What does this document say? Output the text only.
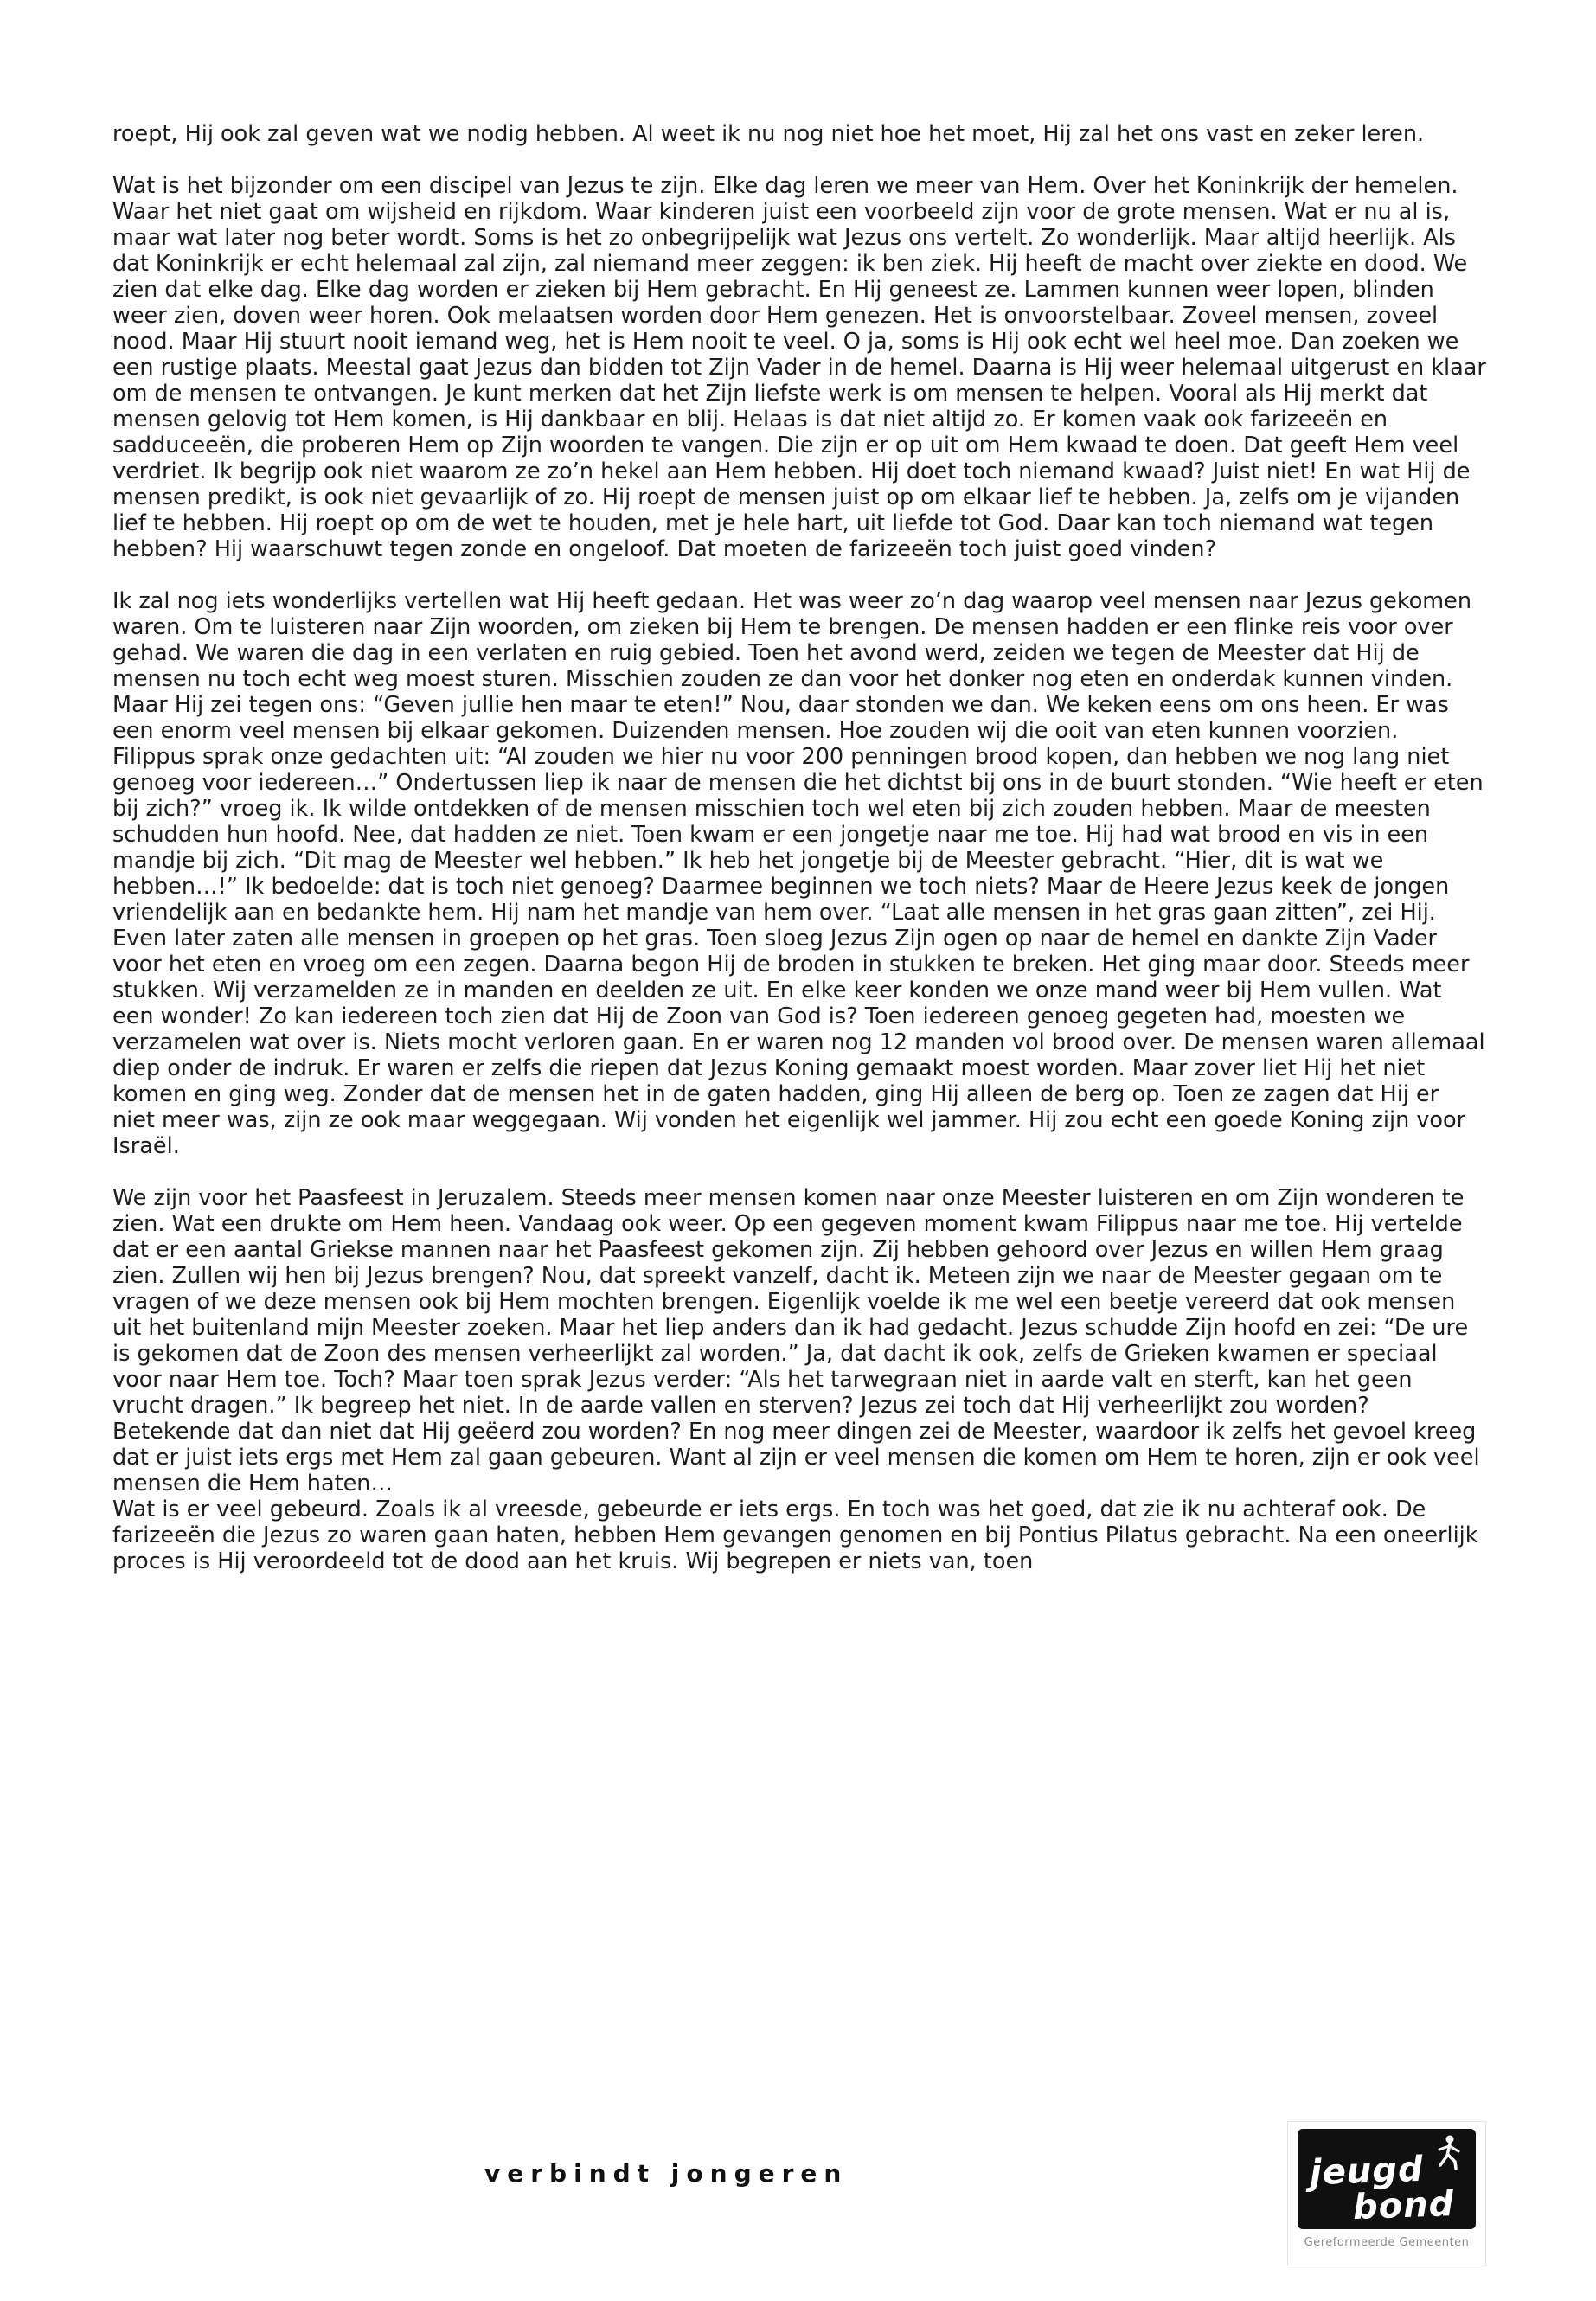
roept, Hij ook zal geven wat we nodig hebben. Al weet ik nu nog niet hoe het moet, Hij zal het ons vast en zeker leren.

Wat is het bijzonder om een discipel van Jezus te zijn. Elke dag leren we meer van Hem. Over het Koninkrijk der hemelen. Waar het niet gaat om wijsheid en rijkdom. Waar kinderen juist een voorbeeld zijn voor de grote mensen. Wat er nu al is, maar wat later nog beter wordt. Soms is het zo onbegrijpelijk wat Jezus ons vertelt. Zo wonderlijk. Maar altijd heerlijk. Als dat Koninkrijk er echt helemaal zal zijn, zal niemand meer zeggen: ik ben ziek. Hij heeft de macht over ziekte en dood. We zien dat elke dag. Elke dag worden er zieken bij Hem gebracht. En Hij geneest ze. Lammen kunnen weer lopen, blinden weer zien, doven weer horen. Ook melaatsen worden door Hem genezen. Het is onvoorstelbaar. Zoveel mensen, zoveel nood. Maar Hij stuurt nooit iemand weg, het is Hem nooit te veel. O ja, soms is Hij ook echt wel heel moe. Dan zoeken we een rustige plaats. Meestal gaat Jezus dan bidden tot Zijn Vader in de hemel. Daarna is Hij weer helemaal uitgerust en klaar om de mensen te ontvangen. Je kunt merken dat het Zijn liefste werk is om mensen te helpen. Vooral als Hij merkt dat mensen gelovig tot Hem komen, is Hij dankbaar en blij. Helaas is dat niet altijd zo. Er komen vaak ook farizeeën en sadduceeën, die proberen Hem op Zijn woorden te vangen. Die zijn er op uit om Hem kwaad te doen. Dat geeft Hem veel verdriet. Ik begrijp ook niet waarom ze zo’n hekel aan Hem hebben. Hij doet toch niemand kwaad? Juist niet! En wat Hij de mensen predikt, is ook niet gevaarlijk of zo. Hij roept de mensen juist op om elkaar lief te hebben. Ja, zelfs om je vijanden lief te hebben. Hij roept op om de wet te houden, met je hele hart, uit liefde tot God. Daar kan toch niemand wat tegen hebben? Hij waarschuwt tegen zonde en ongeloof. Dat moeten de farizeeën toch juist goed vinden?

Ik zal nog iets wonderlijks vertellen wat Hij heeft gedaan. Het was weer zo’n dag waarop veel mensen naar Jezus gekomen waren. Om te luisteren naar Zijn woorden, om zieken bij Hem te brengen. De mensen hadden er een flinke reis voor over gehad. We waren die dag in een verlaten en ruig gebied. Toen het avond werd, zeiden we tegen de Meester dat Hij de mensen nu toch echt weg moest sturen. Misschien zouden ze dan voor het donker nog eten en onderdak kunnen vinden. Maar Hij zei tegen ons: “Geven jullie hen maar te eten!” Nou, daar stonden we dan. We keken eens om ons heen. Er was een enorm veel mensen bij elkaar gekomen. Duizenden mensen. Hoe zouden wij die ooit van eten kunnen voorzien. Filippus sprak onze gedachten uit: “Al zouden we hier nu voor 200 penningen brood kopen, dan hebben we nog lang niet genoeg voor iedereen…” Ondertussen liep ik naar de mensen die het dichtst bij ons in de buurt stonden. “Wie heeft er eten bij zich?” vroeg ik. Ik wilde ontdekken of de mensen misschien toch wel eten bij zich zouden hebben. Maar de meesten schudden hun hoofd. Nee, dat hadden ze niet. Toen kwam er een jongetje naar me toe. Hij had wat brood en vis in een mandje bij zich. “Dit mag de Meester wel hebben.” Ik heb het jongetje bij de Meester gebracht. “Hier, dit is wat we hebben…!” Ik bedoelde: dat is toch niet genoeg? Daarmee beginnen we toch niets? Maar de Heere Jezus keek de jongen vriendelijk aan en bedankte hem. Hij nam het mandje van hem over. “Laat alle mensen in het gras gaan zitten”, zei Hij. Even later zaten alle mensen in groepen op het gras. Toen sloeg Jezus Zijn ogen op naar de hemel en dankte Zijn Vader voor het eten en vroeg om een zegen. Daarna begon Hij de broden in stukken te breken. Het ging maar door. Steeds meer stukken. Wij verzamelden ze in manden en deelden ze uit. En elke keer konden we onze mand weer bij Hem vullen. Wat een wonder! Zo kan iedereen toch zien dat Hij de Zoon van God is? Toen iedereen genoeg gegeten had, moesten we verzamelen wat over is. Niets mocht verloren gaan. En er waren nog 12 manden vol brood over. De mensen waren allemaal diep onder de indruk. Er waren er zelfs die riepen dat Jezus Koning gemaakt moest worden. Maar zover liet Hij het niet komen en ging weg. Zonder dat de mensen het in de gaten hadden, ging Hij alleen de berg op. Toen ze zagen dat Hij er niet meer was, zijn ze ook maar weggegaan. Wij vonden het eigenlijk wel jammer. Hij zou echt een goede Koning zijn voor Israël.

We zijn voor het Paasfeest in Jeruzalem. Steeds meer mensen komen naar onze Meester luisteren en om Zijn wonderen te zien. Wat een drukte om Hem heen. Vandaag ook weer. Op een gegeven moment kwam Filippus naar me toe. Hij vertelde dat er een aantal Griekse mannen naar het Paasfeest gekomen zijn. Zij hebben gehoord over Jezus en willen Hem graag zien. Zullen wij hen bij Jezus brengen? Nou, dat spreekt vanzelf, dacht ik. Meteen zijn we naar de Meester gegaan om te vragen of we deze mensen ook bij Hem mochten brengen. Eigenlijk voelde ik me wel een beetje vereerd dat ook mensen uit het buitenland mijn Meester zoeken. Maar het liep anders dan ik had gedacht. Jezus schudde Zijn hoofd en zei: “De ure is gekomen dat de Zoon des mensen verheerlijkt zal worden.” Ja, dat dacht ik ook, zelfs de Grieken kwamen er speciaal voor naar Hem toe. Toch? Maar toen sprak Jezus verder: “Als het tarwegraan niet in aarde valt en sterft, kan het geen vrucht dragen.” Ik begreep het niet. In de aarde vallen en sterven? Jezus zei toch dat Hij verheerlijkt zou worden? Betekende dat dan niet dat Hij geëerd zou worden? En nog meer dingen zei de Meester, waardoor ik zelfs het gevoel kreeg dat er juist iets ergs met Hem zal gaan gebeuren. Want al zijn er veel mensen die komen om Hem te horen, zijn er ook veel mensen die Hem haten…

Wat is er veel gebeurd. Zoals ik al vreesde, gebeurde er iets ergs. En toch was het goed, dat zie ik nu achteraf ook. De farizeeën die Jezus zo waren gaan haten, hebben Hem gevangen genomen en bij Pontius Pilatus gebracht. Na een oneerlijk proces is Hij veroordeeld tot de dood aan het kruis. Wij begrepen er niets van, toen

verbindt jongeren	jeugd
bond
Gereformeerde Gemeenten
